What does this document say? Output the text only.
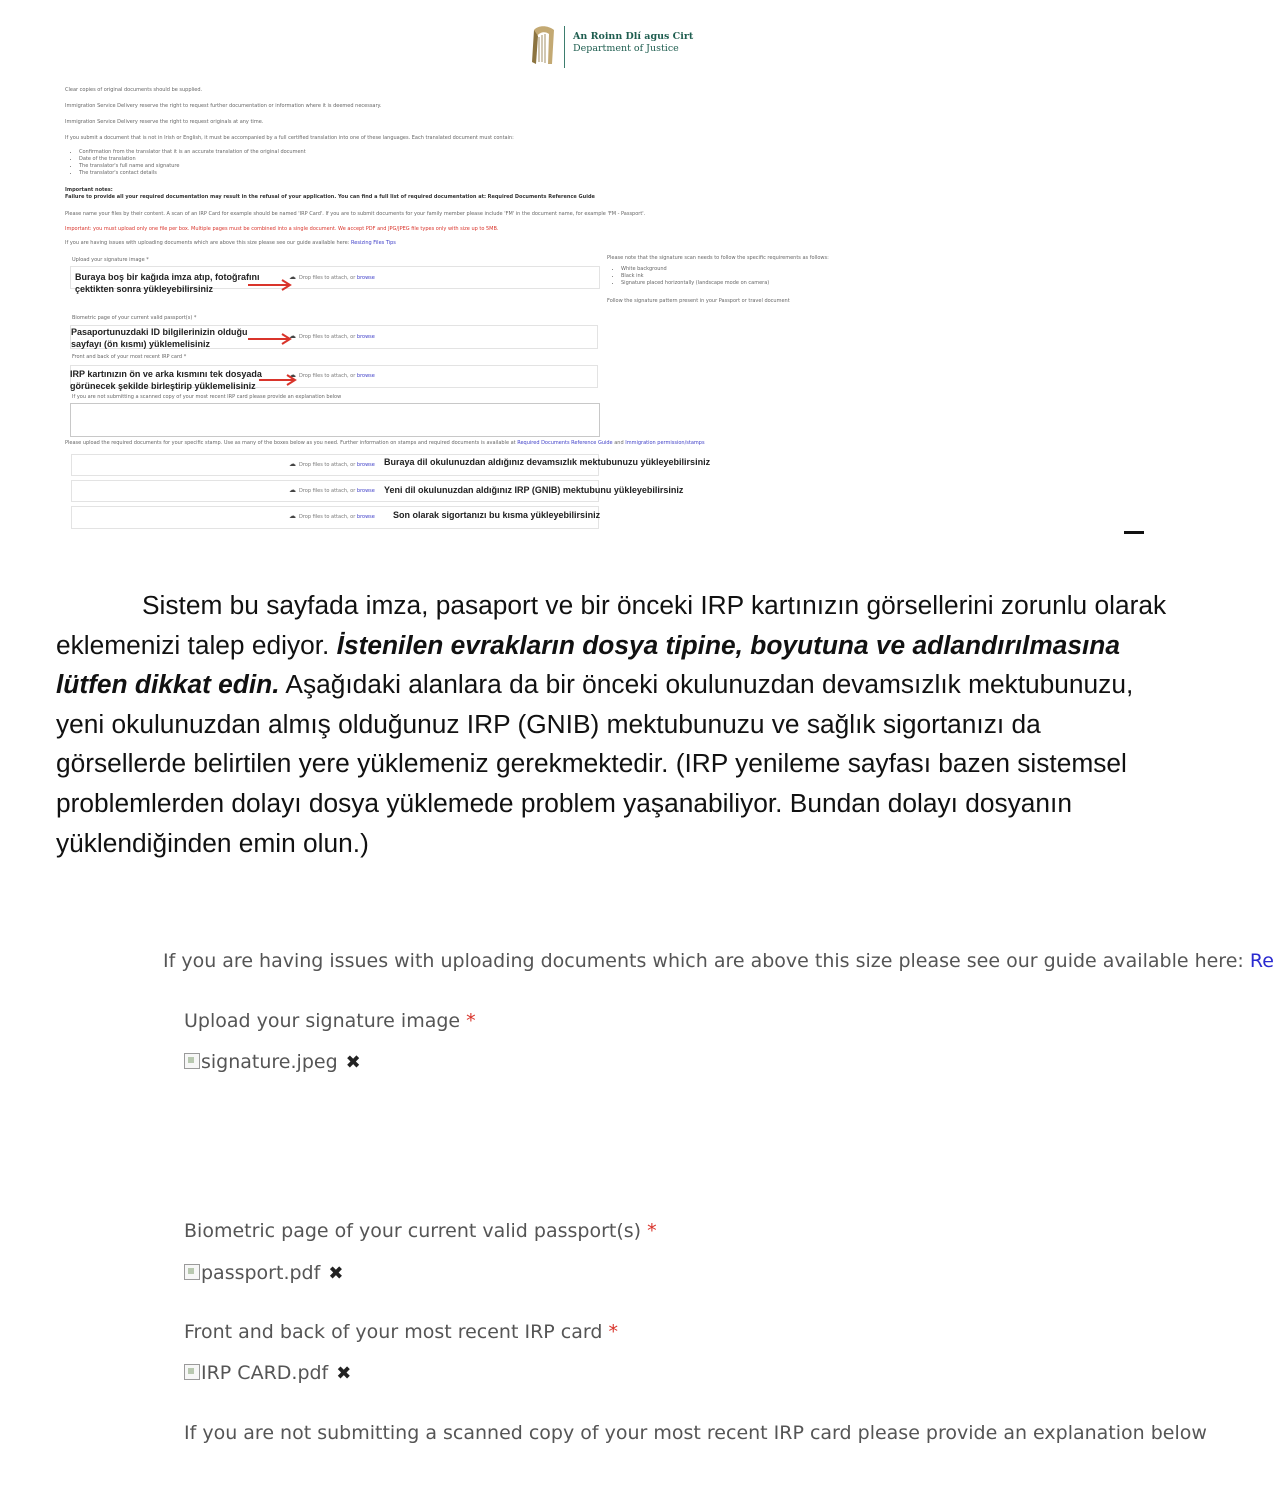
An Roinn Dlí agus Cirt
Department of Justice
Clear copies of original documents should be supplied.
Immigration Service Delivery reserve the right to request further documentation or information where it is deemed necessary.
Immigration Service Delivery reserve the right to request originals at any time.
If you submit a document that is not in Irish or English, it must be accompanied by a full certified translation into one of these languages. Each translated document must contain:
• Confirmation from the translator that it is an accurate translation of the original document
• Date of the translation
• The translator's full name and signature
• The translator's contact details
Important notes:
Failure to provide all your required documentation may result in the refusal of your application. You can find a full list of required documentation at: Required Documents Reference Guide
Please name your files by their content. A scan of an IRP Card for example should be named 'IRP Card'. If you are to submit documents for your family member please include 'FM' in the document name, for example 'FM - Passport'.
Important: you must upload only one file per box. Multiple pages must be combined into a single document. We accept PDF and JPG/JPEG file types only with size up to 5MB.
If you are having issues with uploading documents which are above this size please see our guide available here: Resizing Files Tips
Upload your signature image *
Buraya boş bir kağıda imza atıp, fotoğrafını çektikten sonra yükleyebilirsiniz
☁ Drop files to attach, or browse
Please note that the signature scan needs to follow the specific requirements as follows:
• White background
• Black ink
• Signature placed horizontally (landscape mode on camera)
Follow the signature pattern present in your Passport or travel document
Biometric page of your current valid passport(s) *
Pasaportunuzdaki ID bilgilerinizin olduğu sayfayı (ön kısmı) yüklemelisiniz
☁ Drop files to attach, or browse
Front and back of your most recent IRP card *
IRP kartınızın ön ve arka kısmını tek dosyada görünecek şekilde birleştirip yüklemelisiniz
☁ Drop files to attach, or browse
If you are not submitting a scanned copy of your most recent IRP card please provide an explanation below
Please upload the required documents for your specific stamp. Use as many of the boxes below as you need. Further information on stamps and required documents is available at Required Documents Reference Guide and Immigration permission/stamps
☁ Drop files to attach, or browse Buraya dil okulunuzdan aldığınız devamsızlık mektubunuzu yükleyebilirsiniz
☁ Drop files to attach, or browse Yeni dil okulunuzdan aldığınız IRP (GNIB) mektubunu yükleyebilirsiniz
☁ Drop files to attach, or browse Son olarak sigortanızı bu kısma yükleyebilirsiniz
Sistem bu sayfada imza, pasaport ve bir önceki IRP kartınızın görsellerini zorunlu olarak eklemenizi talep ediyor. İstenilen evrakların dosya tipine, boyutuna ve adlandırılmasına lütfen dikkat edin. Aşağıdaki alanlara da bir önceki okulunuzdan devamsızlık mektubunuzu, yeni okulunuzdan almış olduğunuz IRP (GNIB) mektubunuzu ve sağlık sigortanızı da görsellerde belirtilen yere yüklemeniz gerekmektedir. (IRP yenileme sayfası bazen sistemsel problemlerden dolayı dosya yüklemede problem yaşanabiliyor. Bundan dolayı dosyanın yüklendiğinden emin olun.)
If you are having issues with uploading documents which are above this size please see our guide available here: Re
Upload your signature image *
signature.jpeg ✖
Biometric page of your current valid passport(s) *
passport.pdf ✖
Front and back of your most recent IRP card *
IRP CARD.pdf ✖
If you are not submitting a scanned copy of your most recent IRP card please provide an explanation below
